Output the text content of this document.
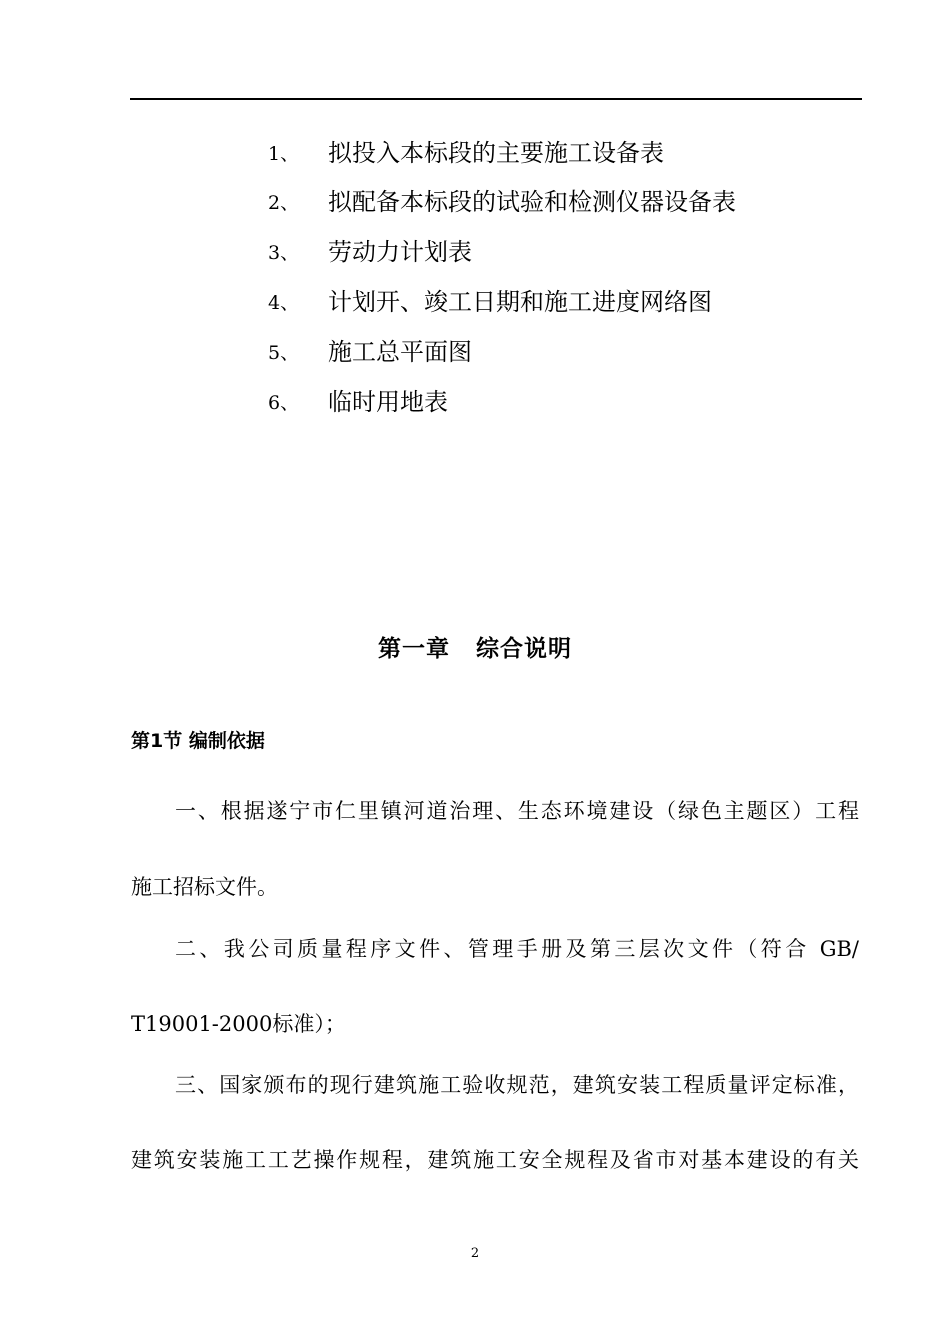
1、	拟投入本标段的主要施工设备表
2、	拟配备本标段的试验和检测仪器设备表
3、	劳动力计划表
4、	计划开、竣工日期和施工进度网络图
5、	施工总平面图
6、	临时用地表
第一章 综合说明
第1节 编制依据
一、根据遂宁市仁里镇河道治理、生态环境建设（绿色主题区）工程
施工招标文件。
二、我公司质量程序文件、管理手册及第三层次文件（符合 GB/
T19001-2000标准）；
三、国家颁布的现行建筑施工验收规范，建筑安装工程质量评定标准，
建筑安装施工工艺操作规程，建筑施工安全规程及省市对基本建设的有关
2
